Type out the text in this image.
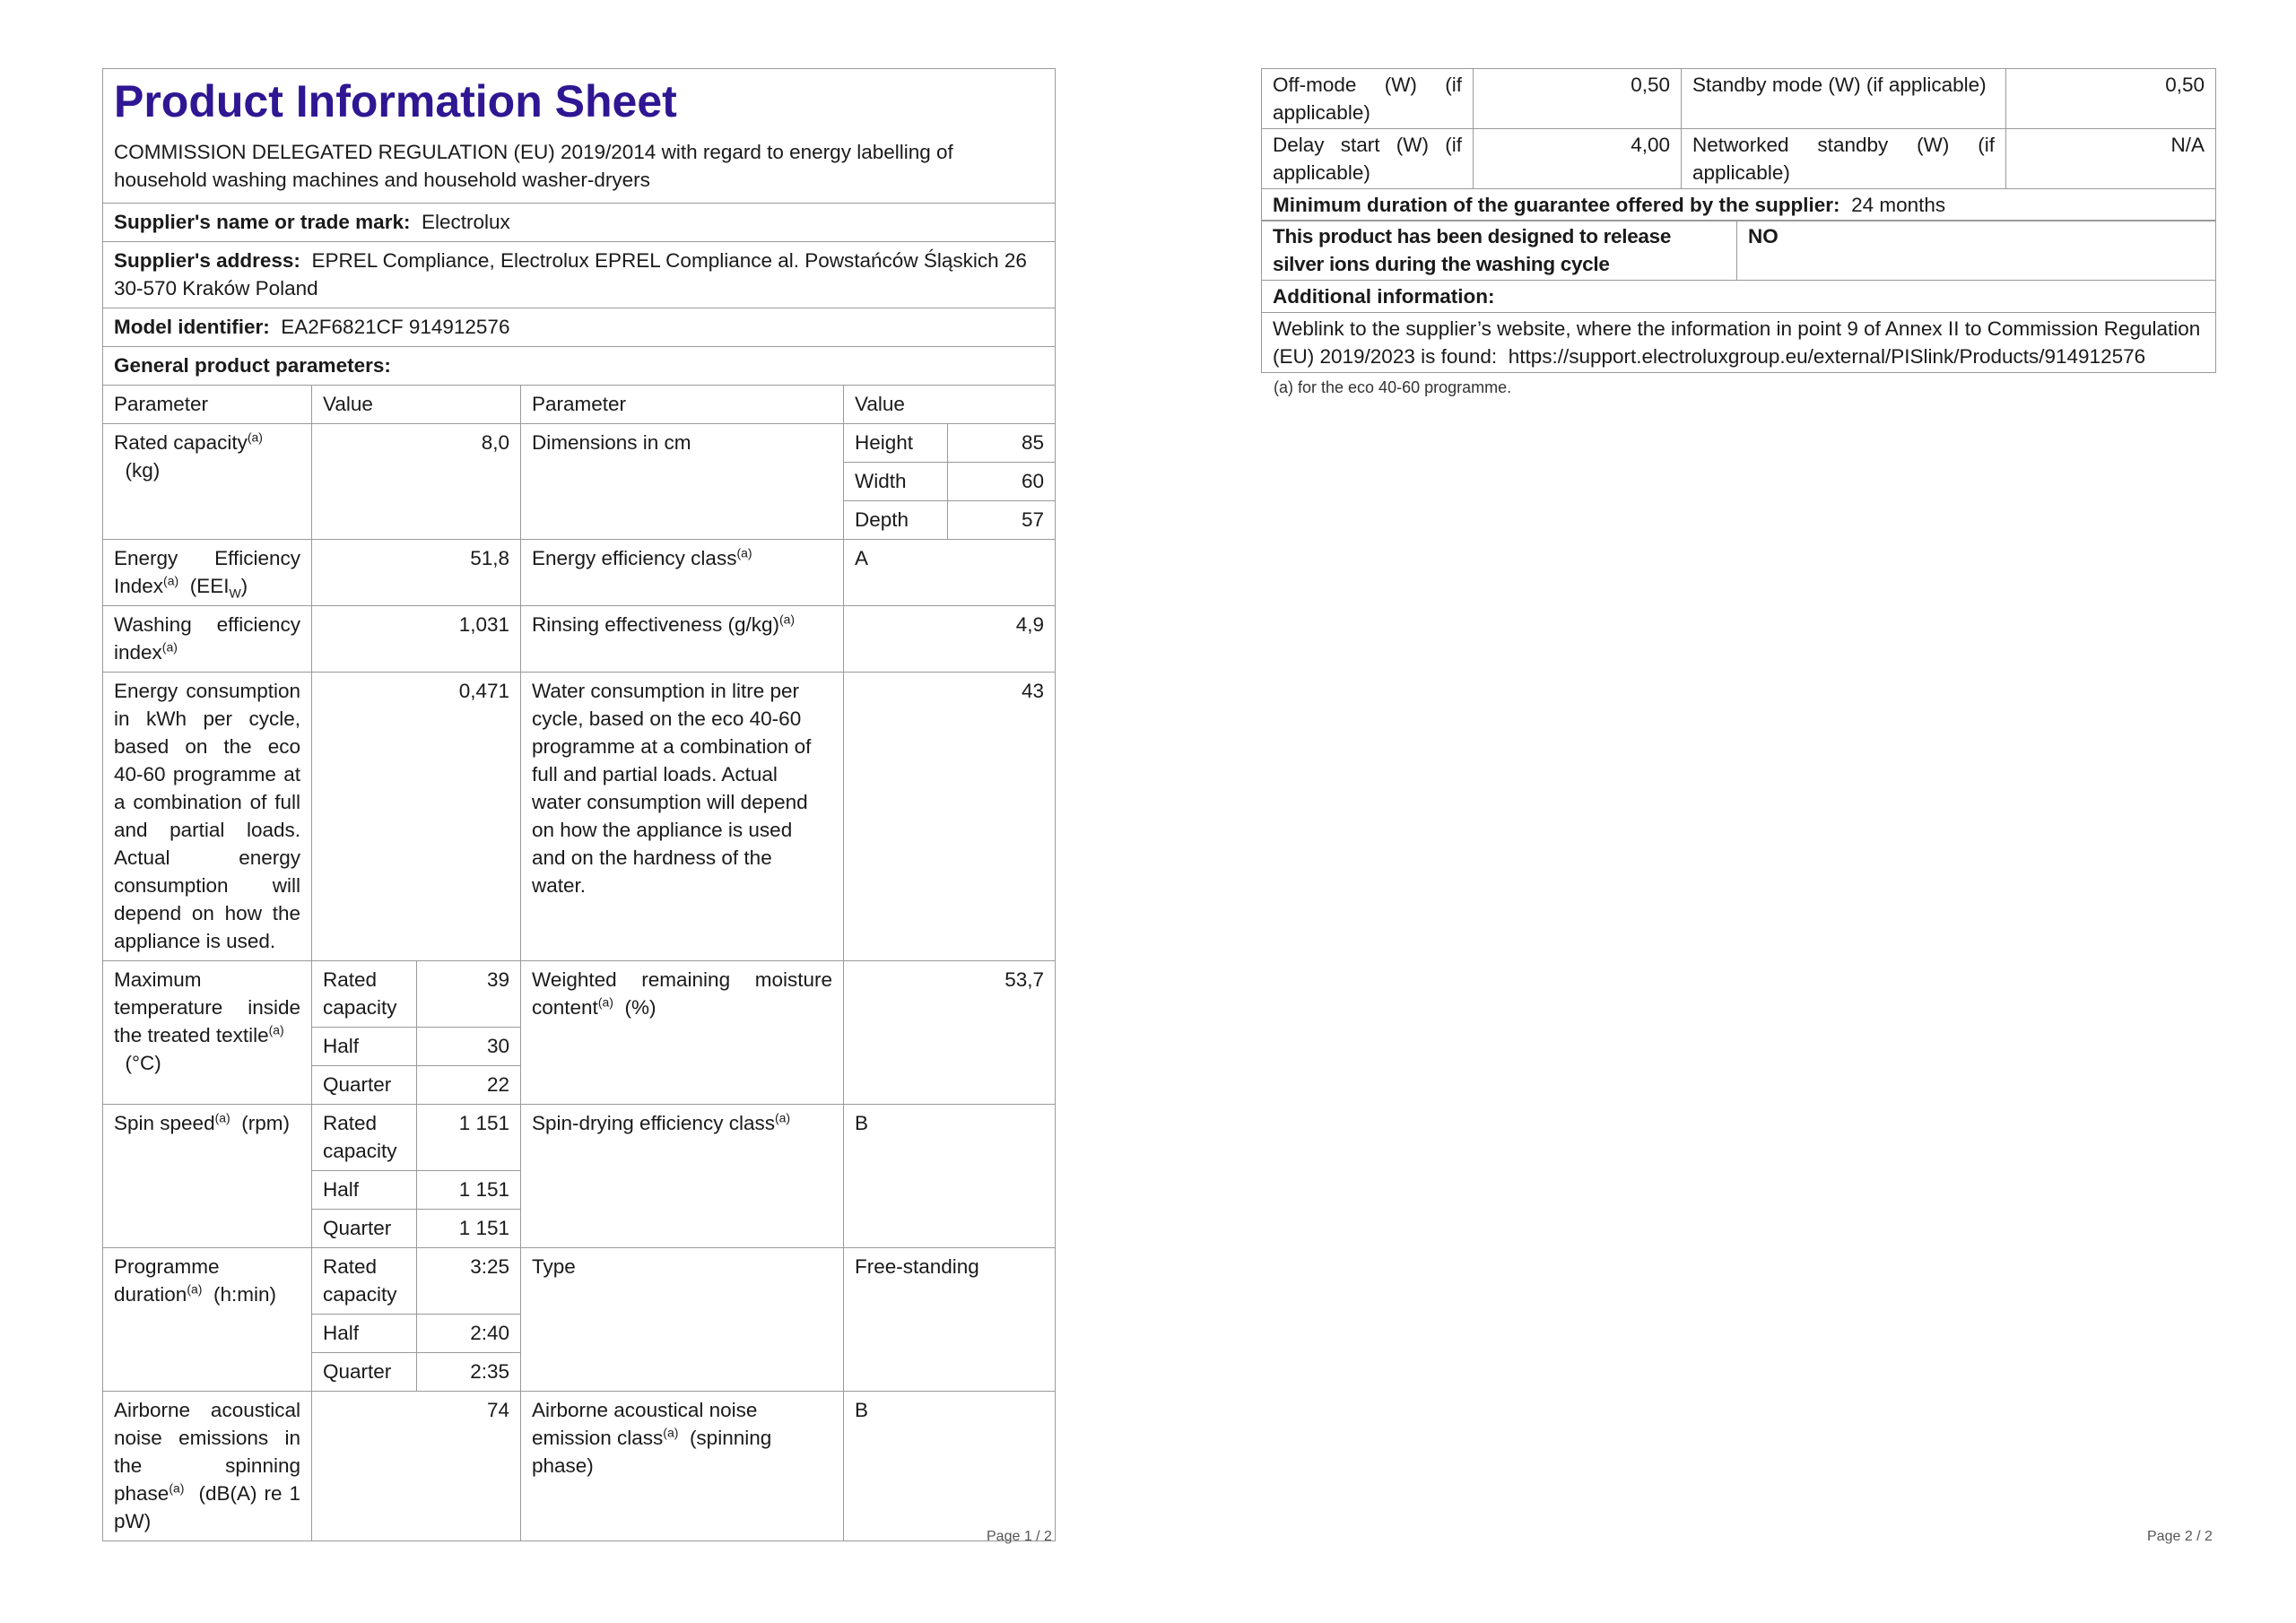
Product Information Sheet
COMMISSION DELEGATED REGULATION (EU) 2019/2014 with regard to energy labelling of household washing machines and household washer-dryers					

Supplier's name or trade mark: Electrolux					
Supplier's address: EPREL Compliance, Electrolux EPREL Compliance al. Powstańców Śląskich 26 30-570 Kraków Poland					
Model identifier: EA2F6821CF 914912576					
General product parameters:					
Parameter	Value		Parameter	Value	
Rated capacity$^{(a)}$
(kg)	8,0		Dimensions in cm	Height	85
				Width	60
				Depth	57
Energy Efficiency Index$^{(a)}$ $(EEI_W)$	51,8		Energy efficiency class$^{(a)}$	A	
Washing efficiency index$^{(a)}$	1,031		Rinsing effectiveness $(g/kg)^{(a)}$	4,9	
Energy consumption in kWh per cycle, based on the eco 40-60 programme at a combination of full and partial loads. Actual energy consumption will depend on how the appliance is used.	0,471		Water consumption in litre per cycle, based on the eco 40-60 programme at a combination of full and partial loads. Actual water consumption will depend on how the appliance is used and on the hardness of the water.	43	
Maximum temperature inside the treated textile$^{(a)}$
(°C)	Rated capacity	39	Weighted remaining moisture content$^{(a)}$ (%)	53,7	
	Half	30			
	Quarter	22			
Spin speed$^{(a)}$ (rpm)	Rated capacity	1 151	Spin-drying efficiency class$^{(a)}$	B	
	Half	1 151			
	Quarter	1 151			
Programme duration$^{(a)}$ (h:min)	Rated capacity	3:25	Type	Free-standing	
	Half	2:40			
	Quarter	2:35			
Airborne acoustical noise emissions in the spinning phase$^{(a)}$ (dB(A) re 1 pW)	74		Airborne acoustical noise emission class$^{(a)}$ (spinning phase)	B	
Page 1 / 2
Off-mode (W) (if applicable)	0,50	Standby mode (W) (if applicable)	0,50
Delay start (W) (if applicable)	4,00	Networked standby (W) (if applicable)	N/A
Minimum duration of the guarantee offered by the supplier: 24 months			
This product has been designed to release silver ions during the washing cycle	NO
Additional information:
Weblink to the supplier’s website, where the information in point 9 of Annex II to Commission Regulation (EU) 2019/2023 is found: https://support.electroluxgroup.eu/external/PISlink/Products/914912576
(a) for the eco 40-60 programme.
Page 2 / 2
